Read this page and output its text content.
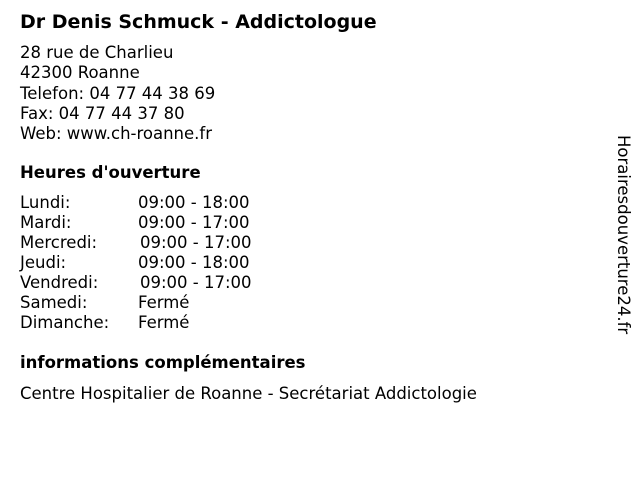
Dr Denis Schmuck - Addictologue
28 rue de Charlieu
42300 Roanne
Telefon: 04 77 44 38 69
Fax: 04 77 44 37 80
Web: www.ch-roanne.fr
Heures d'ouverture
Lundi:	09:00 - 18:00
Mardi:	09:00 - 17:00
Mercredi:	09:00 - 17:00
Jeudi:	09:00 - 18:00
Vendredi:	09:00 - 17:00
Samedi:	Fermé
Dimanche: Fermé
informations complémentaires
Centre Hospitalier de Roanne - Secrétariat Addictologie
Horairesdouverture24.fr
